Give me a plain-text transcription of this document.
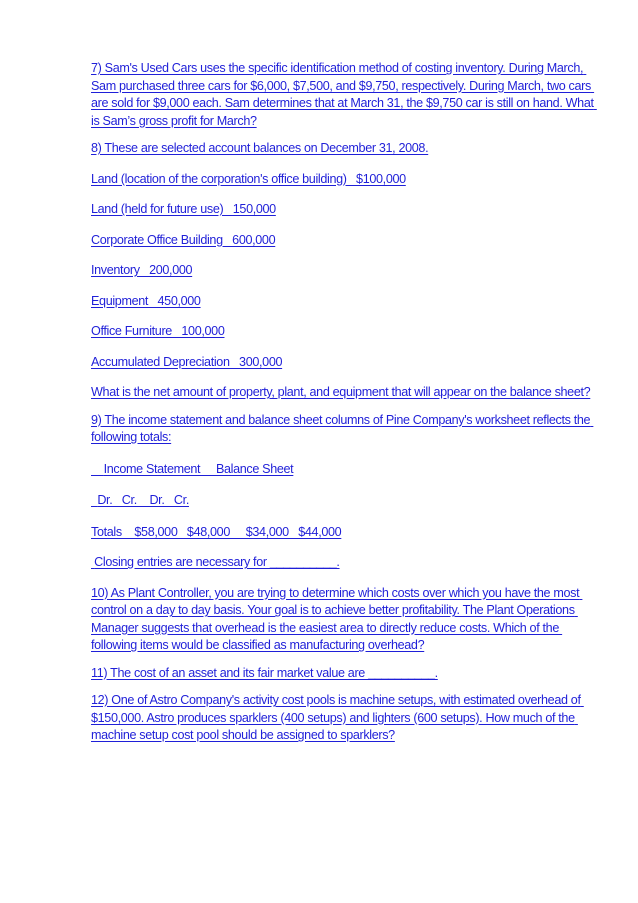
7) Sam's Used Cars uses the specific identification method of costing inventory. During March, Sam purchased three cars for $6,000, $7,500, and $9,750, respectively. During March, two cars are sold for $9,000 each. Sam determines that at March 31, the $9,750 car is still on hand. What is Sam’s gross profit for March?

8) These are selected account balances on December 31, 2008.

Land (location of the corporation's office building)   $100,000

Land (held for future use)   150,000

Corporate Office Building   600,000

Inventory   200,000

Equipment   450,000

Office Furniture   100,000

Accumulated Depreciation   300,000

What is the net amount of property, plant, and equipment that will appear on the balance sheet?

9) The income statement and balance sheet columns of Pine Company's worksheet reflects the following totals:

Income Statement     Balance Sheet

Dr.   Cr.    Dr.   Cr.

Totals    $58,000   $48,000     $34,000   $44,000

Closing entries are necessary for __________.

10) As Plant Controller, you are trying to determine which costs over which you have the most control on a day to day basis. Your goal is to achieve better profitability. The Plant Operations Manager suggests that overhead is the easiest area to directly reduce costs. Which of the following items would be classified as manufacturing overhead?

11) The cost of an asset and its fair market value are __________.

12) One of Astro Company's activity cost pools is machine setups, with estimated overhead of $150,000. Astro produces sparklers (400 setups) and lighters (600 setups). How much of the machine setup cost pool should be assigned to sparklers?
